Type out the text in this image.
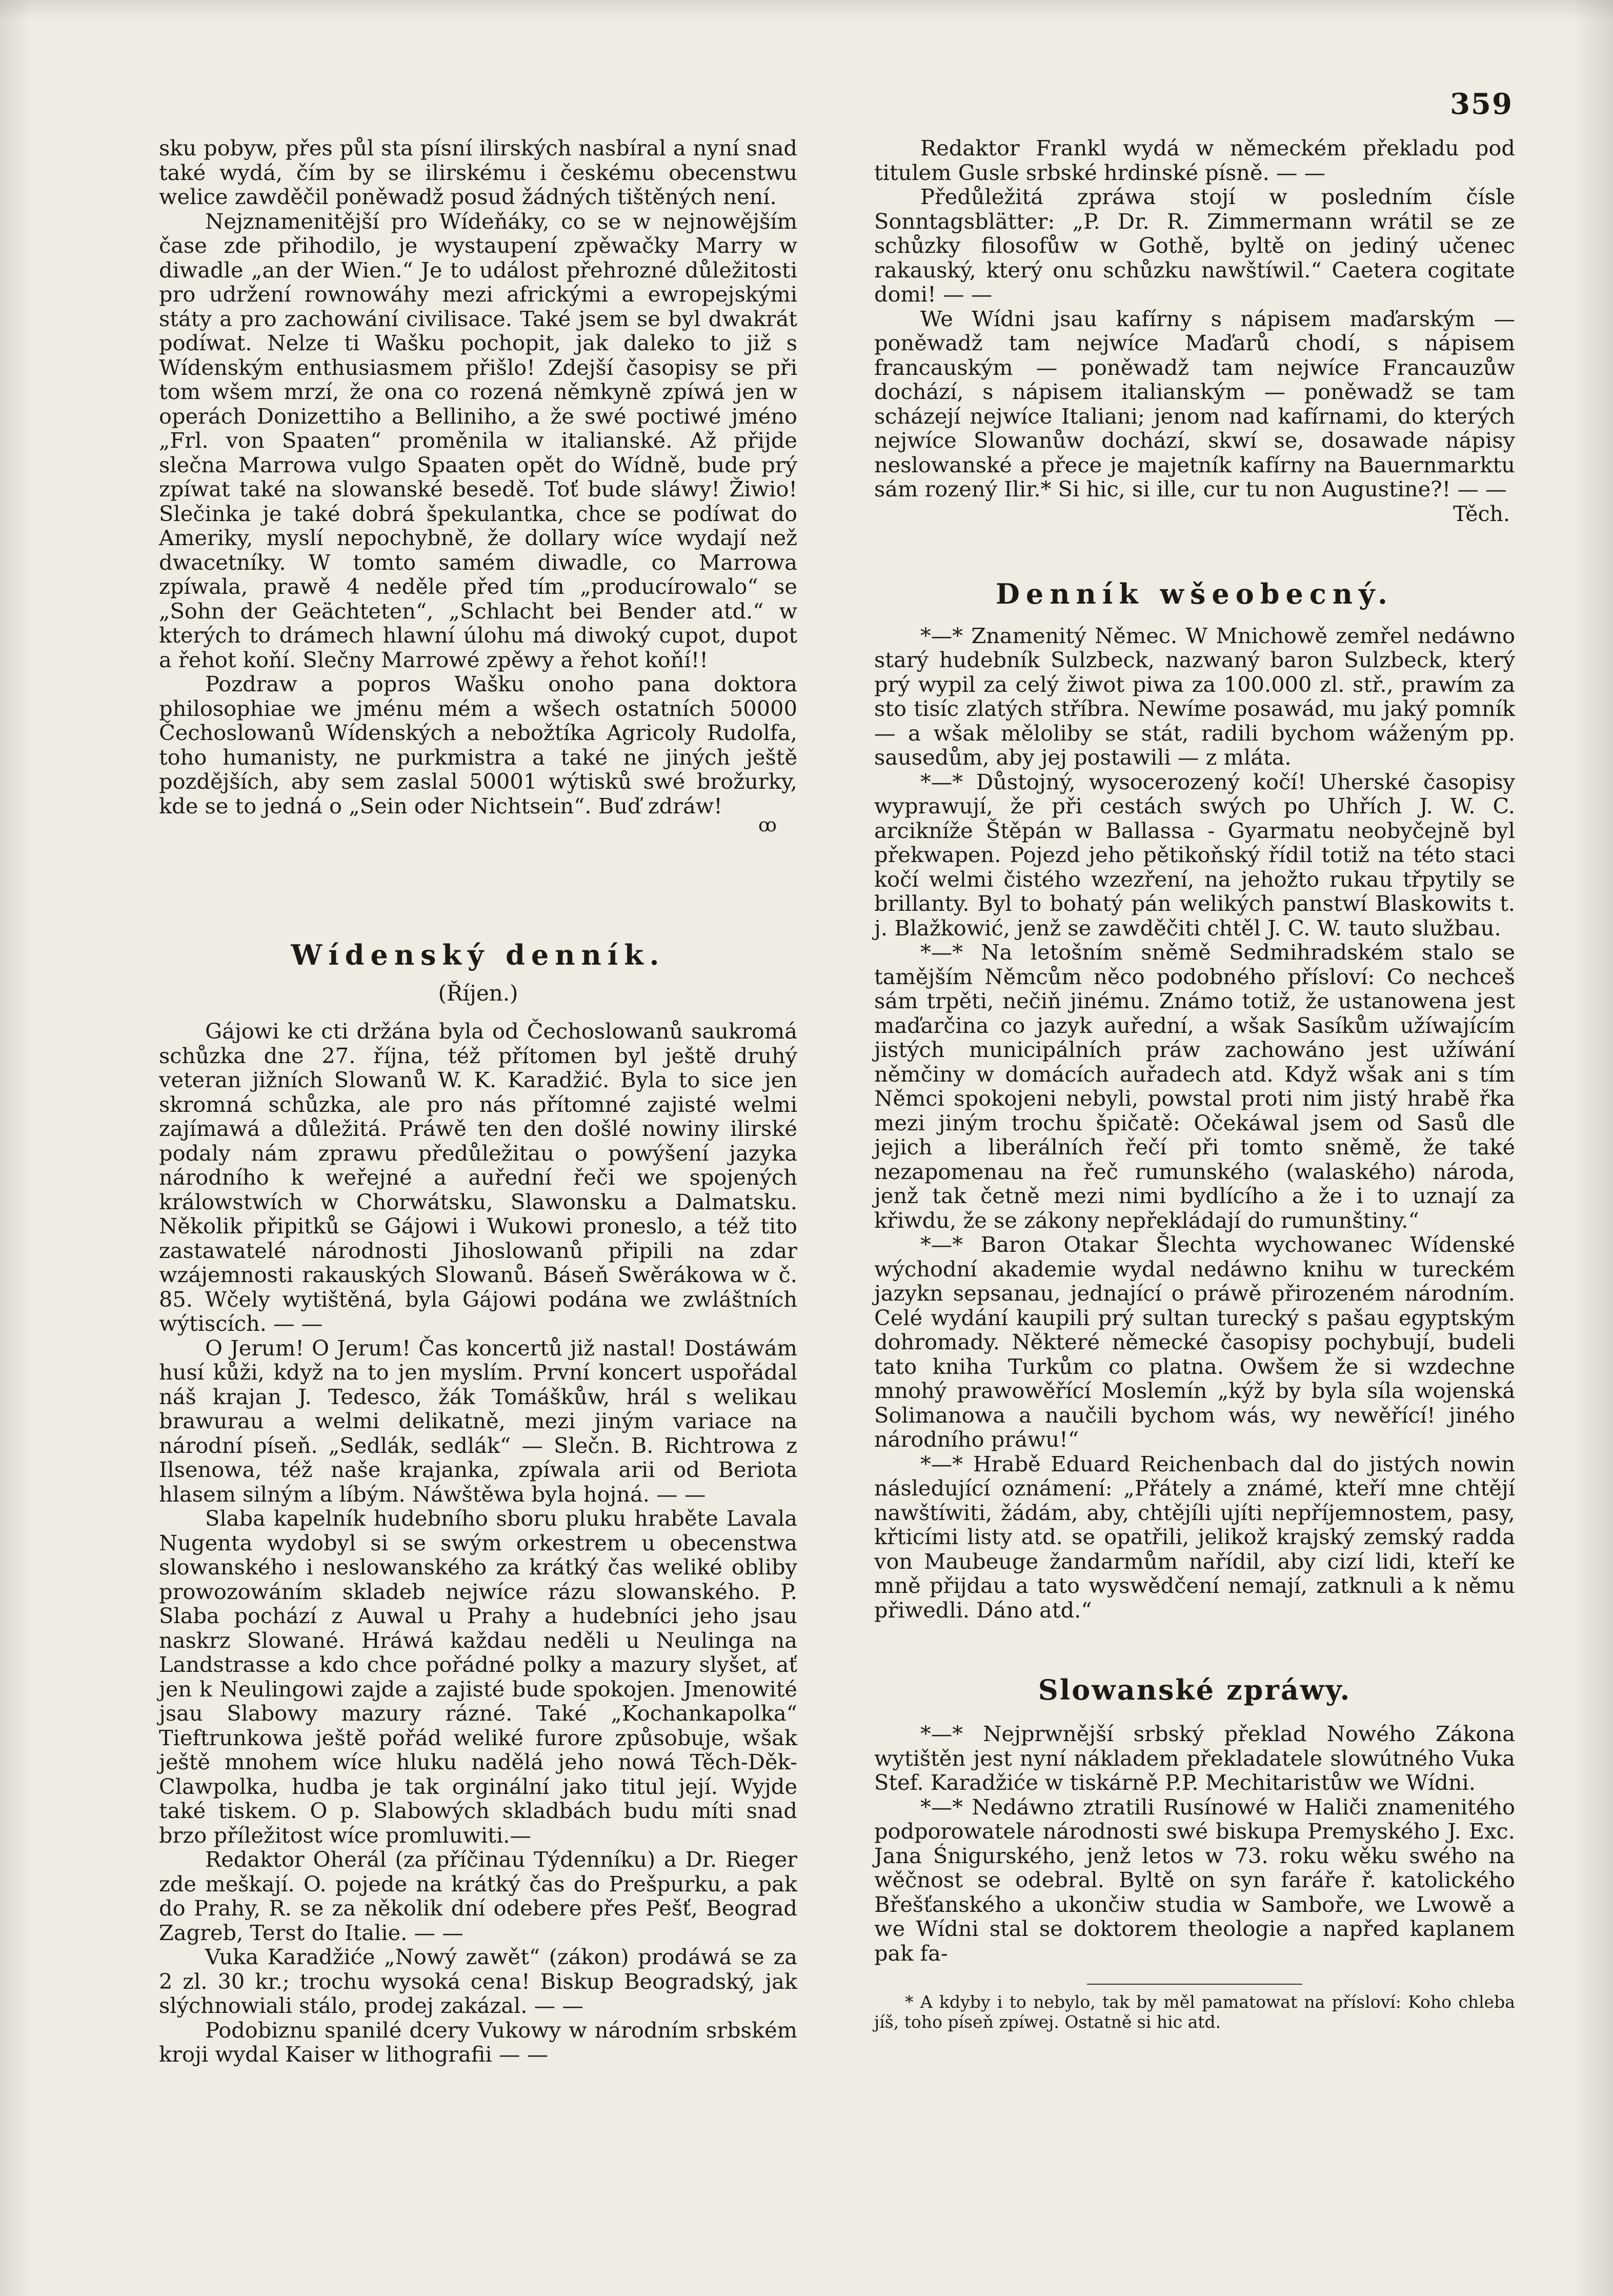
359

sku pobyw, přes půl sta písní ilirských nasbíral a nyní snad také wydá, čím by se ilirskému i českému obecenstwu welice zawděčil poněwadž posud žádných tištěných není.

Nejznamenitější pro Wídeňáky, co se w nejnowějším čase zde přihodilo, je wystaupení zpěwačky Marry w diwadle „an der Wien.“ Je to událost přehrozné důležitosti pro udržení rownowáhy mezi africkými a ewropejskými státy a pro zachowání civilisace. Také jsem se byl dwakrát podíwat. Nelze ti Wašku pochopit, jak daleko to již s Wídenským enthusiasmem přišlo! Zdejší časopisy se při tom wšem mrzí, že ona co rozená němkyně zpíwá jen w operách Donizettiho a Belliniho, a že swé poctiwé jméno „Frl. von Spaaten“ proměnila w italianské. Až přijde slečna Marrowa vulgo Spaaten opět do Wídně, bude prý zpíwat také na slowanské besedě. Toť bude sláwy! Žiwio! Slečinka je také dobrá špekulantka, chce se podíwat do Ameriky, myslí nepochybně, že dollary wíce wydají než dwacetníky. W tomto samém diwadle, co Marrowa zpíwala, prawě 4 neděle před tím „producírowalo“ se „Sohn der Geächteten“, „Schlacht bei Bender atd.“ w kterých to drámech hlawní úlohu má diwoký cupot, dupot a řehot koňí. Slečny Marrowé zpěwy a řehot koňí!!

Pozdraw a popros Wašku onoho pana doktora philosophiae we jménu mém a wšech ostatních 50000 Čechoslowanů Wídenských a nebožtíka Agricoly Rudolfa, toho humanisty, ne purkmistra a také ne jiných ještě pozdějších, aby sem zaslal 50001 wýtisků swé brožurky, kde se to jedná o „Sein oder Nichtsein“. Buď zdráw!

ꝏ
Wídenský denník.
(Říjen.)

Gájowi ke cti držána byla od Čechoslowanů saukromá schůzka dne 27. října, též přítomen byl ještě druhý veteran jižních Slowanů W. K. Karadžić. Byla to sice jen skromná schůzka, ale pro nás přítomné zajisté welmi zajímawá a důležitá. Práwě ten den došlé nowiny ilirské podaly nám zprawu předůležitau o powýšení jazyka národního k weřejné a auřední řeči we spojených králowstwích w Chorwátsku, Slawonsku a Dalmatsku. Několik připitků se Gájowi i Wukowi proneslo, a též tito zastawatelé národnosti Jihoslowanů připili na zdar wzájemnosti rakauských Slowanů. Báseň Swěrákowa w č. 85. Wčely wytištěná, byla Gájowi podána we zwláštních wýtiscích. — —

O Jerum! O Jerum! Čas koncertů již nastal! Dostáwám husí kůži, když na to jen myslím. První koncert uspořádal náš krajan J. Tedesco, žák Tomáškůw, hrál s welikau brawurau a welmi delikatně, mezi jiným variace na národní píseň. „Sedlák, sedlák“ — Slečn. B. Richtrowa z Ilsenowa, též naše krajanka, zpíwala arii od Beriota hlasem silným a líbým. Náwštěwa byla hojná. — —

Slaba kapelník hudebního sboru pluku hraběte Lavala Nugenta wydobyl si se swým orkestrem u obecenstwa slowanského i neslowanského za krátký čas weliké obliby prowozowáním skladeb nejwíce rázu slowanského. P. Slaba pochází z Auwal u Prahy a hudebníci jeho jsau naskrz Slowané. Hráwá každau neděli u Neulinga na Landstrasse a kdo chce pořádné polky a mazury slyšet, ať jen k Neulingowi zajde a zajisté bude spokojen. Jmenowité jsau Slabowy mazury rázné. Také „Kochankapolka“ Tieftrunkowa ještě pořád weliké furore způsobuje, wšak ještě mnohem wíce hluku nadělá jeho nowá Těch-Děk-Clawpolka, hudba je tak orginální jako titul její. Wyjde také tiskem. O p. Slabowých skladbách budu míti snad brzo příležitost wíce promluwiti.—

Redaktor Oherál (za příčinau Týdenníku) a Dr. Rieger zde meškají. O. pojede na krátký čas do Prešpurku, a pak do Prahy, R. se za několik dní odebere přes Pešť, Beograd Zagreb, Terst do Italie. — —

Vuka Karadžiće „Nowý zawět“ (zákon) prodáwá se za 2 zl. 30 kr.; trochu wysoká cena! Biskup Beogradský, jak slýchnowiali stálo, prodej zakázal. — —

Podobiznu spanilé dcery Vukowy w národním srbském kroji wydal Kaiser w lithografii — —

Redaktor Frankl wydá w německém překladu pod titulem Gusle srbské hrdinské písně. — —

Předůležitá zpráwa stojí w posledním čísle Sonntagsblätter: „P. Dr. R. Zimmermann wrátil se ze schůzky filosofůw w Gothě, byltě on jediný učenec rakauský, který onu schůzku nawštíwil.“ Caetera cogitate domi! — —

We Wídni jsau kafírny s nápisem maďarským — poněwadž tam nejwíce Maďarů chodí, s nápisem francauským — poněwadž tam nejwíce Francauzůw dochází, s nápisem italianským — poněwadž se tam scházejí nejwíce Italiani; jenom nad kafírnami, do kterých nejwíce Slowanůw dochází, skwí se, dosawade nápisy neslowanské a přece je majetník kafírny na Bauernmarktu sám rozený Ilir.* Si hic, si ille, cur tu non Augustine?! — —

Těch.
Denník wšeobecný.

*—* Znamenitý Němec. W Mnichowě zemřel nedáwno starý hudebník Sulzbeck, nazwaný baron Sulzbeck, který prý wypil za celý žiwot piwa za 100.000 zl. stř., prawím za sto tisíc zlatých stříbra. Newíme posawád, mu jaký pomník — a wšak měloliby se stát, radili bychom wáženým pp. sausedům, aby jej postawili — z mláta.

*—* Důstojný, wysocerozený kočí! Uherské časopisy wyprawují, že při cestách swých po Uhřích J. W. C. arcikníže Štěpán w Ballassa - Gyarmatu neobyčejně byl překwapen. Pojezd jeho pětikoňský řídil totiž na této staci kočí welmi čistého wzezření, na jehožto rukau třpytily se brillanty. Byl to bohatý pán welikých panstwí Blaskowits t. j. Blažkowić, jenž se zawděčiti chtěl J. C. W. tauto službau.

*—* Na letošním sněmě Sedmihradském stalo se tamějším Němcům něco podobného přísloví: Co nechceš sám trpěti, nečiň jinému. Známo totiž, že ustanowena jest maďarčina co jazyk auřední, a wšak Sasíkům užíwajícím jistých municipálních práw zachowáno jest užíwání němčiny w domácích auřadech atd. Když wšak ani s tím Němci spokojeni nebyli, powstal proti nim jistý hrabě řka mezi jiným trochu špičatě: Očekáwal jsem od Sasů dle jejich a liberálních řečí při tomto sněmě, že také nezapomenau na řeč rumunského (walaského) národa, jenž tak četně mezi nimi bydlícího a že i to uznají za křiwdu, že se zákony nepřekládají do rumunštiny.“

*—* Baron Otakar Šlechta wychowanec Wídenské wýchodní akademie wydal nedáwno knihu w tureckém jazykn sepsanau, jednající o práwě přirozeném národním. Celé wydání kaupili prý sultan turecký s pašau egyptským dohromady. Některé německé časopisy pochybují, budeli tato kniha Turkům co platna. Owšem že si wzdechne mnohý prawowěřící Moslemín „kýž by byla síla wojenská Solimanowa a naučili bychom wás, wy newěřící! jiného národního práwu!“

*—* Hrabě Eduard Reichenbach dal do jistých nowin následující oznámení: „Přátely a známé, kteří mne chtějí nawštíwiti, žádám, aby, chtějíli ujíti nepříjemnostem, pasy, křticími listy atd. se opatřili, jelikož krajský zemský radda von Maubeuge žandarmům nařídil, aby cizí lidi, kteří ke mně přijdau a tato wyswědčení nemají, zatknuli a k němu přiwedli. Dáno atd.“

Slowanské zpráwy.

*—* Nejprwnější srbský překlad Nowého Zákona wytištěn jest nyní nákladem překladatele slowútného Vuka Stef. Karadžiće w tiskárně P.P. Mechitaristůw we Wídni.

*—* Nedáwno ztratili Rusínowé w Haliči znamenitého podporowatele národnosti swé biskupa Premyského J. Exc. Jana Śnigurského, jenž letos w 73. roku wěku swého na wěčnost se odebral. Byltě on syn faráře ř. katolického Břešťanského a ukončiw studia w Samboře, we Lwowě a we Wídni stal se doktorem theologie a napřed kaplanem pak fa-

* A kdyby i to nebylo, tak by měl pamatowat na přísloví: Koho chleba jíš, toho píseň zpíwej. Ostatně si hic atd.
